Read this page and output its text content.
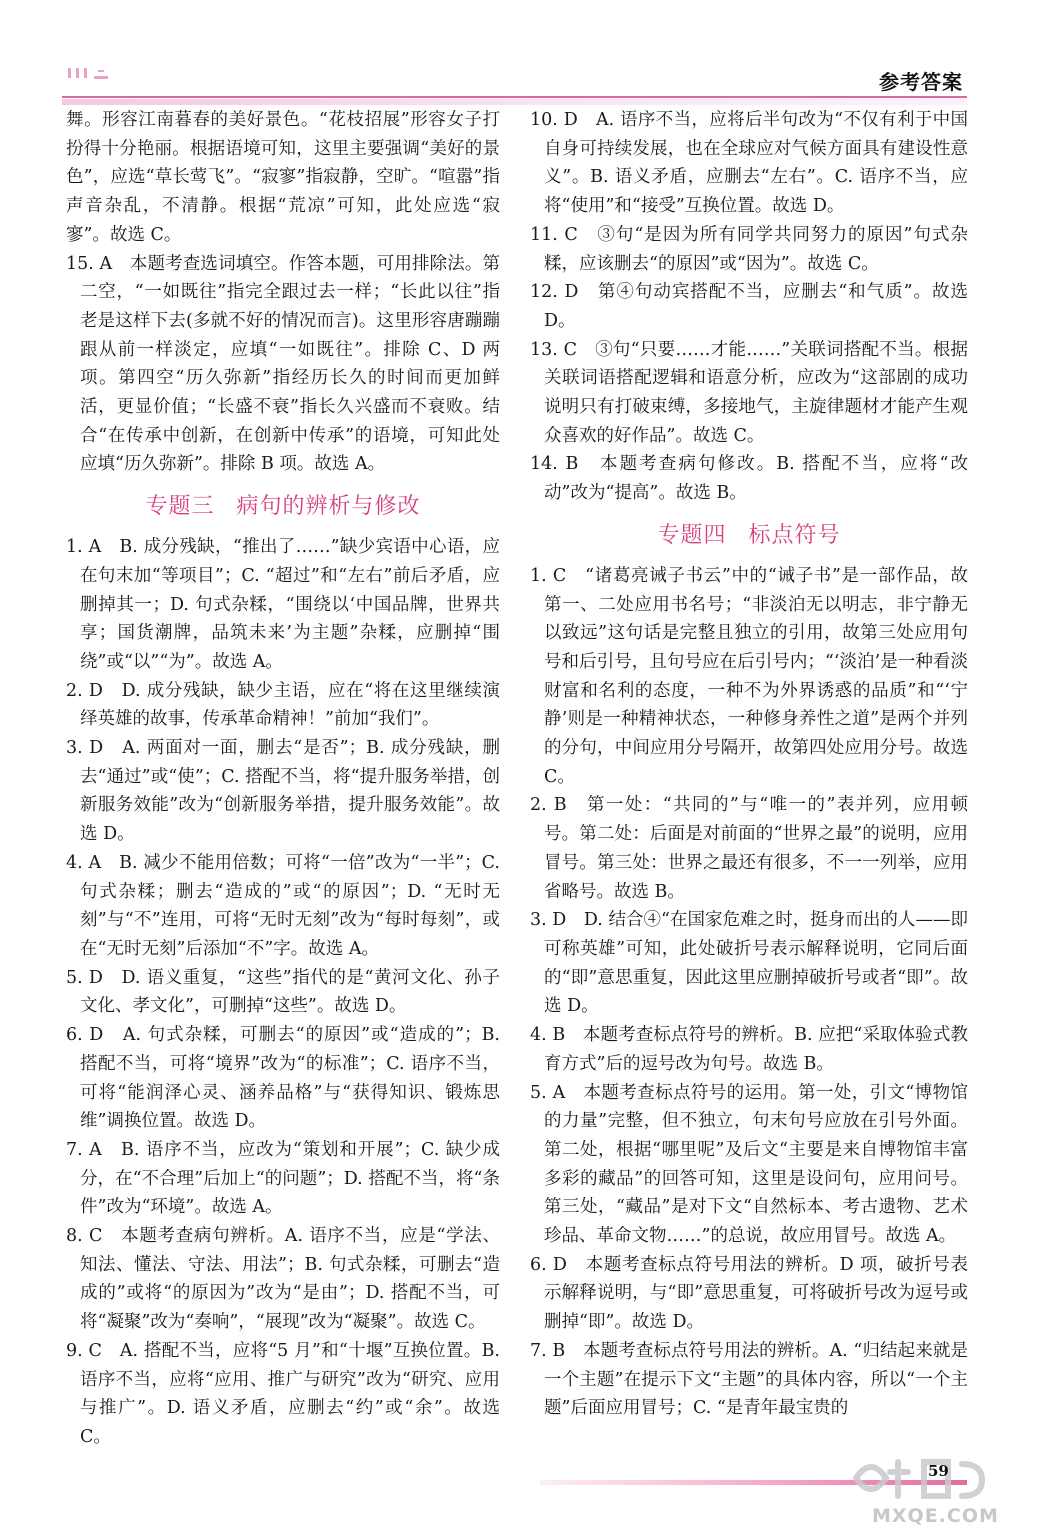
参考答案

舞。形容江南暮春的美好景色。“花枝招展”形容女子打扮得十分艳丽。根据语境可知，这里主要强调“美好的景色”，应选“草长莺飞”。“寂寥”指寂静，空旷。“喧嚣”指声音杂乱，不清静。根据“荒凉”可知，此处应选“寂寥”。故选 C。

15. A　本题考查选词填空。作答本题，可用排除法。第二空，“一如既往”指完全跟过去一样；“长此以往”指老是这样下去(多就不好的情况而言)。这里形容唐蹦蹦跟从前一样淡定，应填“一如既往”。排除 C、D 两项。第四空“历久弥新”指经历长久的时间而更加鲜活，更显价值；“长盛不衰”指长久兴盛而不衰败。结合“在传承中创新，在创新中传承”的语境，可知此处应填“历久弥新”。排除 B 项。故选 A。

专题三 病句的辨析与修改

1. A　B. 成分残缺，“推出了……”缺少宾语中心语，应在句末加“等项目”；C. “超过”和“左右”前后矛盾，应删掉其一；D. 句式杂糅，“围绕以‘中国品牌，世界共享；国货潮牌，品筑未来’为主题”杂糅，应删掉“围绕”或“以”“为”。故选 A。

2. D　D. 成分残缺，缺少主语，应在“将在这里继续演绎英雄的故事，传承革命精神！”前加“我们”。

3. D　A. 两面对一面，删去“是否”；B. 成分残缺，删去“通过”或“使”；C. 搭配不当，将“提升服务举措，创新服务效能”改为“创新服务举措，提升服务效能”。故选 D。

4. A　B. 减少不能用倍数；可将“一倍”改为“一半”；C. 句式杂糅；删去“造成的”或“的原因”；D. “无时无刻”与“不”连用，可将“无时无刻”改为“每时每刻”，或在“无时无刻”后添加“不”字。故选 A。

5. D　D. 语义重复，“这些”指代的是“黄河文化、孙子文化、孝文化”，可删掉“这些”。故选 D。

6. D　A. 句式杂糅，可删去“的原因”或“造成的”；B. 搭配不当，可将“境界”改为“的标准”；C. 语序不当，可将“能润泽心灵、涵养品格”与“获得知识、锻炼思维”调换位置。故选 D。

7. A　B. 语序不当，应改为“策划和开展”；C. 缺少成分，在“不合理”后加上“的问题”；D. 搭配不当，将“条件”改为“环境”。故选 A。

8. C　本题考查病句辨析。A. 语序不当，应是“学法、知法、懂法、守法、用法”；B. 句式杂糅，可删去“造成的”或将“的原因为”改为“是由”；D. 搭配不当，可将“凝聚”改为“奏响”，“展现”改为“凝聚”。故选 C。

9. C　A. 搭配不当，应将“5 月”和“十堰”互换位置。B. 语序不当，应将“应用、推广与研究”改为“研究、应用与推广”。D. 语义矛盾，应删去“约”或“余”。故选 C。

10. D　A. 语序不当，应将后半句改为“不仅有利于中国自身可持续发展，也在全球应对气候方面具有建设性意义”。B. 语义矛盾，应删去“左右”。C. 语序不当，应将“使用”和“接受”互换位置。故选 D。

11. C　③句“是因为所有同学共同努力的原因”句式杂糅，应该删去“的原因”或“因为”。故选 C。

12. D　第④句动宾搭配不当，应删去“和气质”。故选 D。

13. C　③句“只要……才能……”关联词搭配不当。根据关联词语搭配逻辑和语意分析，应改为“这部剧的成功说明只有打破束缚，多接地气，主旋律题材才能产生观众喜欢的好作品”。故选 C。

14. B　本题考查病句修改。B. 搭配不当，应将“改动”改为“提高”。故选 B。

专题四 标点符号

1. C　“诸葛亮诫子书云”中的“诫子书”是一部作品，故第一、二处应用书名号；“非淡泊无以明志，非宁静无以致远”这句话是完整且独立的引用，故第三处应用句号和后引号，且句号应在后引号内；“‘淡泊’是一种看淡财富和名利的态度，一种不为外界诱惑的品质”和“‘宁静’则是一种精神状态，一种修身养性之道”是两个并列的分句，中间应用分号隔开，故第四处应用分号。故选 C。

2. B　第一处：“共同的”与“唯一的”表并列，应用顿号。第二处：后面是对前面的“世界之最”的说明，应用冒号。第三处：世界之最还有很多，不一一列举，应用省略号。故选 B。

3. D　D. 结合④“在国家危难之时，挺身而出的人——即可称英雄”可知，此处破折号表示解释说明，它同后面的“即”意思重复，因此这里应删掉破折号或者“即”。故选 D。

4. B　本题考查标点符号的辨析。B. 应把“采取体验式教育方式”后的逗号改为句号。故选 B。

5. A　本题考查标点符号的运用。第一处，引文“博物馆的力量”完整，但不独立，句末句号应放在引号外面。第二处，根据“哪里呢”及后文“主要是来自博物馆丰富多彩的藏品”的回答可知，这里是设问句，应用问号。第三处，“藏品”是对下文“自然标本、考古遗物、艺术珍品、革命文物……”的总说，故应用冒号。故选 A。

6. D　本题考查标点符号用法的辨析。D 项，破折号表示解释说明，与“即”意思重复，可将破折号改为逗号或删掉“即”。故选 D。

7. B　本题考查标点符号用法的辨析。A. “归结起来就是一个主题”在提示下文“主题”的具体内容，所以“一个主题”后面应用冒号；C. “是青年最宝贵的

59
MXQE.COM
